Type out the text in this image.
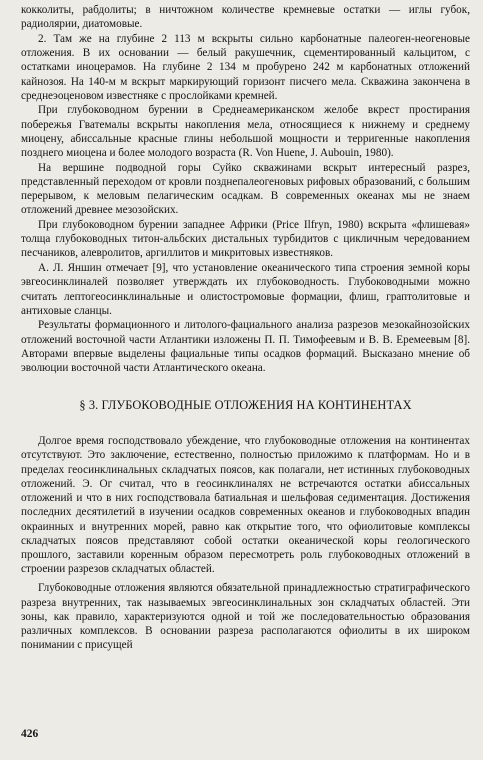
кокколиты, рабдолиты; в ничтожном количестве кремневые остатки — иглы губок, радиолярии, диатомовые.

2. Там же на глубине 2 113 м вскрыты сильно карбонатные палеоген-неогеновые отложения. В их основании — белый ракушечник, сцементированный кальцитом, с остатками иноцерамов. На глубине 2 134 м пробурено 242 м карбонатных отложений кайнозоя. На 140-м м вскрыт маркирующий горизонт писчего мела. Скважина закончена в среднеэоценовом известняке с прослойками кремней.

При глубоководном бурении в Среднеамериканском желобе вкрест простирания побережья Гватемалы вскрыты накопления мела, относящиеся к нижнему и среднему миоцену, абиссальные красные глины небольшой мощности и терригенные накопления позднего миоцена и более молодого возраста (R. Von Huene, J. Aubouin, 1980).

На вершине подводной горы Суйко скважинами вскрыт интересный разрез, представленный переходом от кровли позднепалеогеновых рифовых образований, с большим перерывом, к меловым пелагическим осадкам. В современных океанах мы не знаем отложений древнее мезозойских.

При глубоководном бурении западнее Африки (Price Ilfryn, 1980) вскрыта «флишевая» толща глубоководных титон-альбских дистальных турбидитов с цикличным чередованием песчаников, алевролитов, аргиллитов и микритовых известняков.

А. Л. Яншин отмечает [9], что установление океанического типа строения земной коры эвгеосинклиналей позволяет утверждать их глубоководность. Глубоководными можно считать лептогеосинклинальные и олистостромовые формации, флиш, граптолитовые и антиховые сланцы.

Результаты формационного и литолого-фациального анализа разрезов мезокайнозойских отложений восточной части Атлантики изложены П. П. Тимофеевым и В. В. Еремеевым [8]. Авторами впервые выделены фациальные типы осадков формаций. Высказано мнение об эволюции восточной части Атлантического океана.

§ 3. ГЛУБОКОВОДНЫЕ ОТЛОЖЕНИЯ НА КОНТИНЕНТАХ

Долгое время господствовало убеждение, что глубоководные отложения на континентах отсутствуют. Это заключение, естественно, полностью приложимо к платформам. Но и в пределах геосинклинальных складчатых поясов, как полагали, нет истинных глубоководных отложений. Э. Ог считал, что в геосинклиналях не встречаются остатки абиссальных отложений и что в них господствовала батиальная и шельфовая седиментация. Достижения последних десятилетий в изучении осадков современных океанов и глубоководных впадин окраинных и внутренних морей, равно как открытие того, что офиолитовые комплексы складчатых поясов представляют собой остатки океанической коры геологического прошлого, заставили коренным образом пересмотреть роль глубоководных отложений в строении разрезов складчатых областей.

Глубоководные отложения являются обязательной принадлежностью стратиграфического разреза внутренних, так называемых эвгеосинклинальных зон складчатых областей. Эти зоны, как правило, характеризуются одной и той же последовательностью образования различных комплексов. В основании разреза располагаются офиолиты в их широком понимании с присущей

426
